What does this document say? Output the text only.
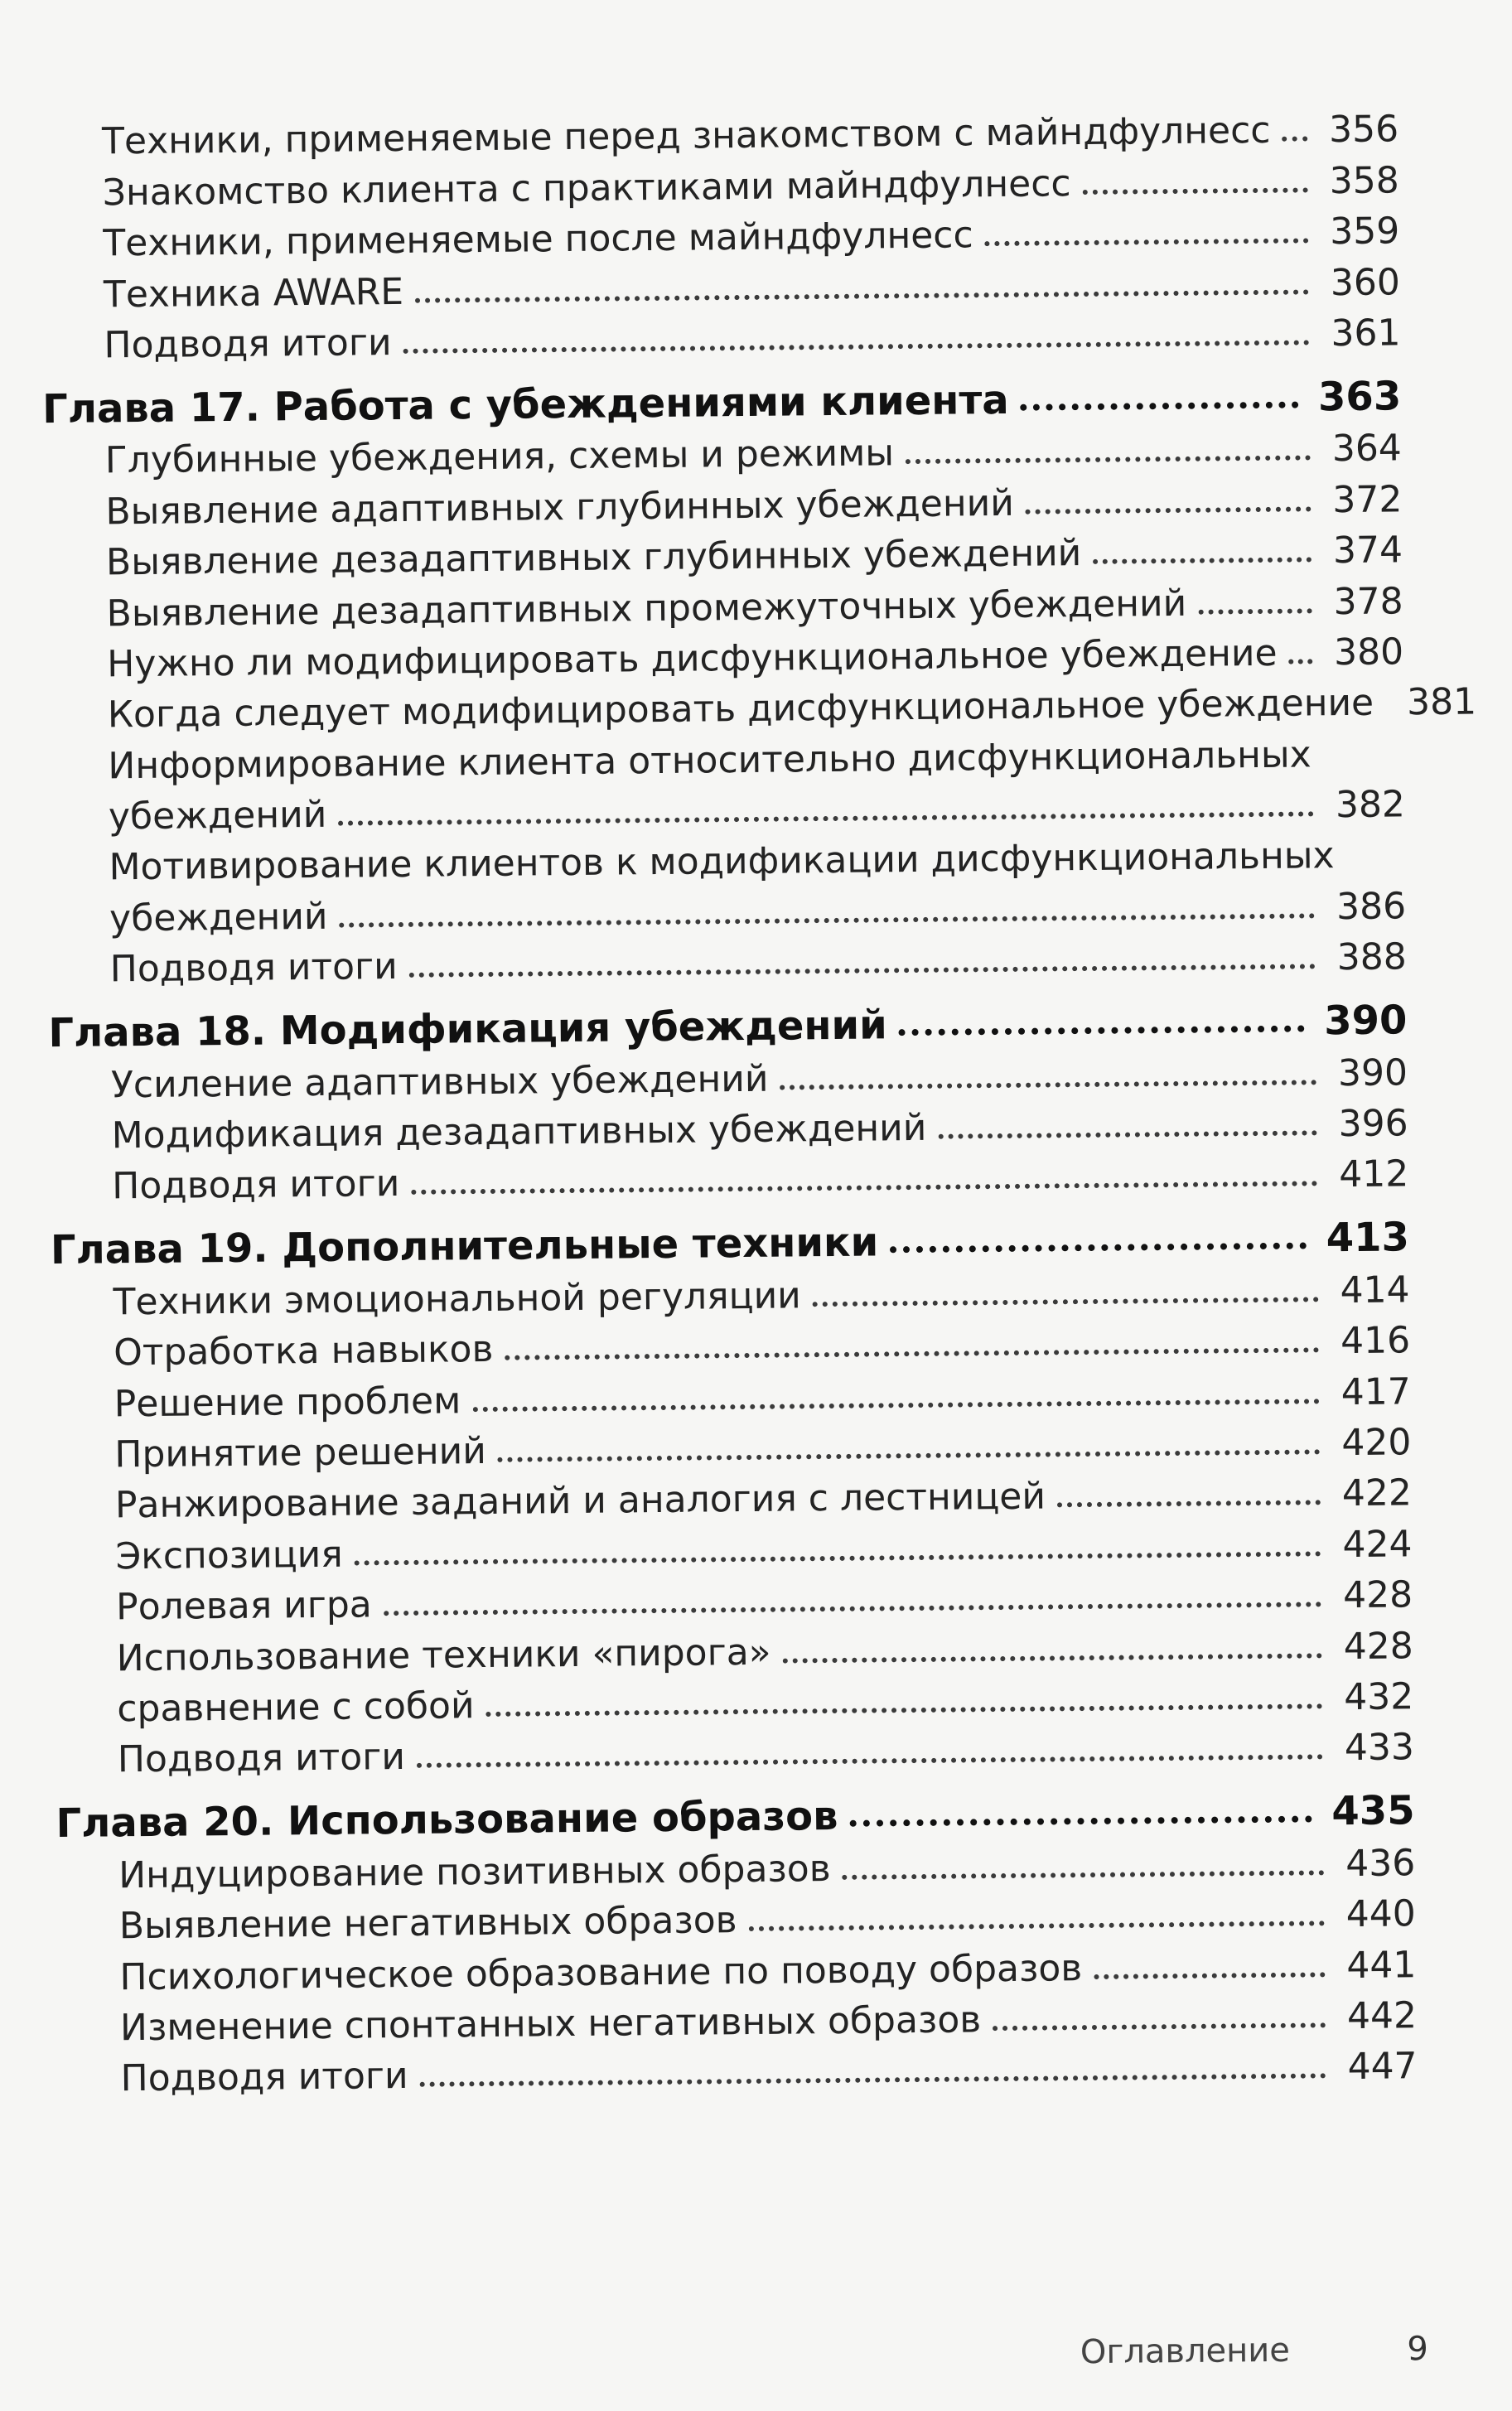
Техники, применяемые перед знакомством с майндфулнесс 356
Знакомство клиента с практиками майндфулнесс	358
Техники, применяемые после майндфулнесс	359
Техника AWARE	360
Подводя итоги	361
Глава 17. Работа с убеждениями клиента	363
Глубинные убеждения, схемы и режимы	364
Выявление адаптивных глубинных убеждений	372
Выявление дезадаптивных глубинных убеждений	374
Выявление дезадаптивных промежуточных убеждений	378
Нужно ли модифицировать дисфункциональное убеждение 380
Когда следует модифицировать дисфункциональное убеждение 381
Информирование клиента относительно дисфункциональных
убеждений	382
Мотивирование клиентов к модификации дисфункциональных
убеждений	386
Подводя итоги	388
Глава 18. Модификация убеждений	390
Усиление адаптивных убеждений	390
Модификация дезадаптивных убеждений	396
Подводя итоги	412
Глава 19. Дополнительные техники	413
Техники эмоциональной регуляции	414
Отработка навыков	416
Решение проблем	417
Принятие решений	420
Ранжирование заданий и аналогия с лестницей	422
Экспозиция	424
Ролевая игра	428
Использование техники «пирога»	428
сравнение с собой	432
Подводя итоги	433
Глава 20. Использование образов	435
Индуцирование позитивных образов	436
Выявление негативных образов	440
Психологическое образование по поводу образов	441
Изменение спонтанных негативных образов	442
Подводя итоги	447
Оглавление	9
